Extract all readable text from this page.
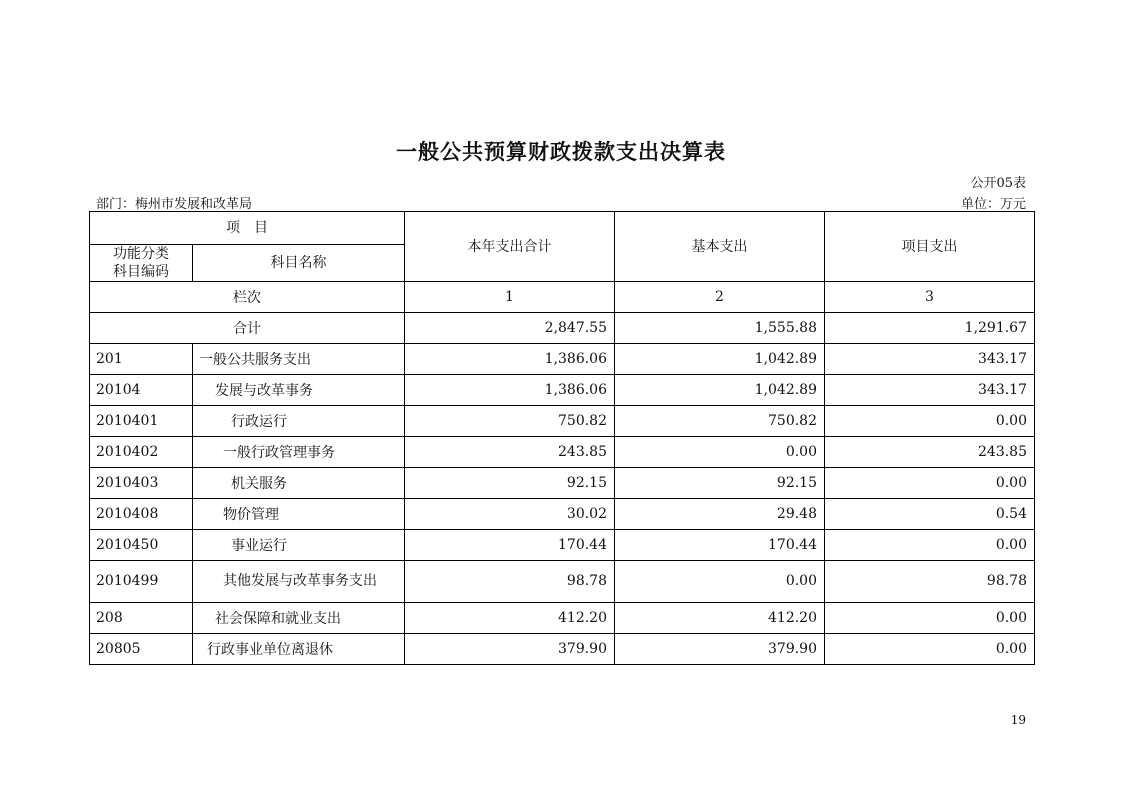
一般公共预算财政拨款支出决算表
公开05表
部门：梅州市发展和改革局	单位：万元
项　目		本年支出合计	基本支出	项目支出
功能分类
科目编码	科目名称			
栏次		1	2	3
合计		2,847.55	1,555.88	1,291.67
201	一般公共服务支出	1,386.06	1,042.89	343.17
20104	发展与改革事务	1,386.06	1,042.89	343.17
2010401	行政运行	750.82	750.82	0.00
2010402	一般行政管理事务	243.85	0.00	243.85
2010403	机关服务	92.15	92.15	0.00
2010408	物价管理	30.02	29.48	0.54
2010450	事业运行	170.44	170.44	0.00
2010499	其他发展与改革事务支出	98.78	0.00	98.78
208	社会保障和就业支出	412.20	412.20	0.00
20805	行政事业单位离退休	379.90	379.90	0.00
19
